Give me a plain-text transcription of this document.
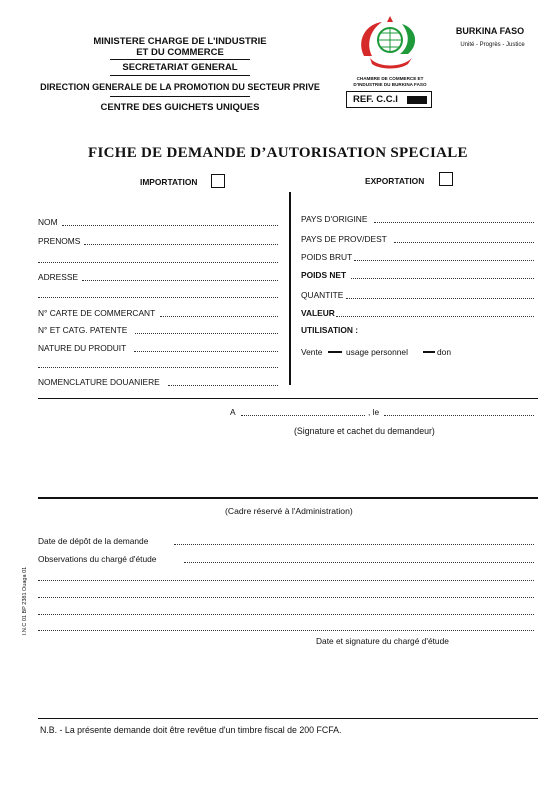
MINISTERE CHARGE DE L'INDUSTRIE
ET DU COMMERCE
SECRETARIAT GENERAL
DIRECTION GENERALE DE LA PROMOTION DU SECTEUR PRIVE
CENTRE DES GUICHETS UNIQUES
CHAMBRE DE COMMERCE ET D'INDUSTRIE DU BURKINA FASO
REF. C.C.I
BURKINA FASO
Unité - Progrès - Justice
FICHE DE DEMANDE D’AUTORISATION SPECIALE
IMPORTATION	EXPORTATION
NOM
PRENOMS
ADRESSE
N° CARTE DE COMMERCANT
N° ET CATG. PATENTE
NATURE DU PRODUIT
NOMENCLATURE DOUANIERE
PAYS D'ORIGINE
PAYS DE PROV/DEST
POIDS BRUT
POIDS NET
QUANTITE
VALEUR
UTILISATION :
Vente	usage personnel	don
A	, le
(Signature et cachet du demandeur)
(Cadre réservé à l'Administration)
Date de dépôt de la demande
Observations du chargé d'étude
Date et signature du chargé d'étude
I.N.C 01 BP 2381 Ouaga 01
N.B. - La présente demande doit être revêtue d'un timbre fiscal de 200 FCFA.
